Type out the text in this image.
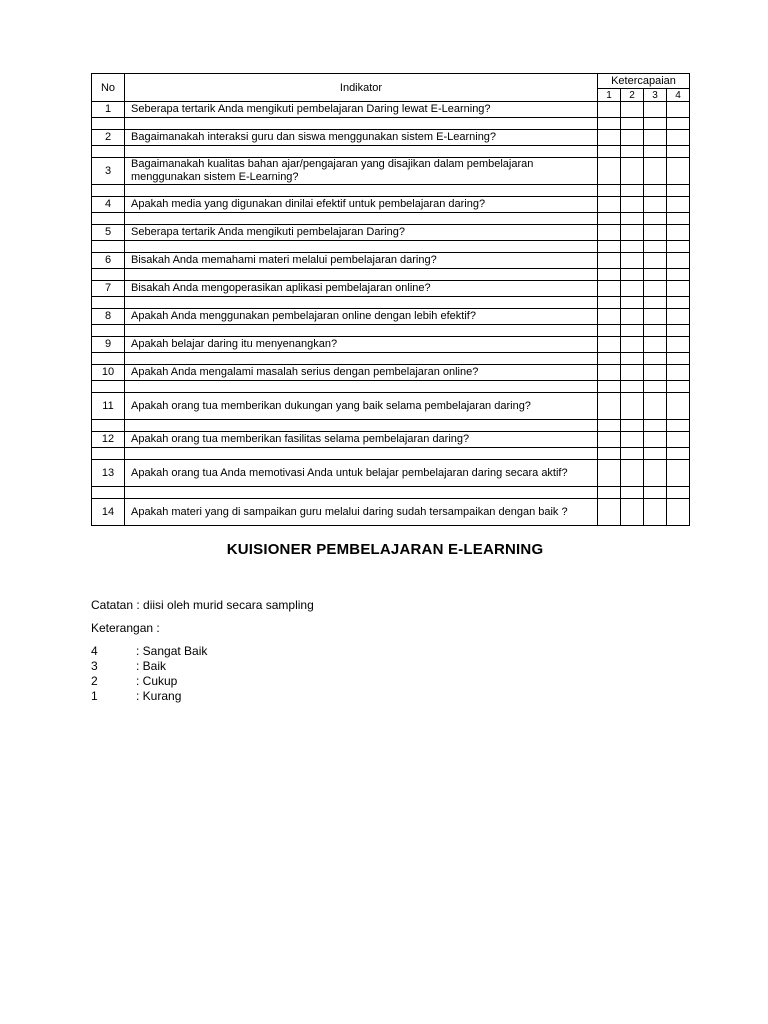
No	Indikator	Ketercapaian			
		1	2	3	4
1	Seberapa tertarik Anda mengikuti pembelajaran Daring lewat E-Learning?				

2	Bagaimanakah interaksi guru dan siswa menggunakan sistem E-Learning?				

3	Bagaimanakah kualitas bahan ajar/pengajaran yang disajikan dalam pembelajaran menggunakan sistem E-Learning?				

4	Apakah media yang digunakan dinilai efektif untuk pembelajaran daring?				

5	Seberapa tertarik Anda mengikuti pembelajaran Daring?				

6	Bisakah Anda memahami materi melalui pembelajaran daring?				

7	Bisakah Anda mengoperasikan aplikasi pembelajaran online?				

8	Apakah Anda menggunakan pembelajaran online dengan lebih efektif?				

9	Apakah belajar daring itu menyenangkan?				

10	Apakah Anda mengalami masalah serius dengan pembelajaran online?				

11	Apakah orang tua memberikan dukungan yang baik selama pembelajaran daring?				

12	Apakah orang tua memberikan fasilitas selama pembelajaran daring?				

13	Apakah orang tua Anda memotivasi Anda untuk belajar pembelajaran daring secara aktif?				

14	Apakah materi yang di sampaikan guru melalui daring sudah tersampaikan dengan baik ?				
KUISIONER PEMBELAJARAN E-LEARNING
Catatan : diisi oleh murid secara sampling
Keterangan :
4	: Sangat Baik
3	: Baik
2	: Cukup
1	: Kurang
